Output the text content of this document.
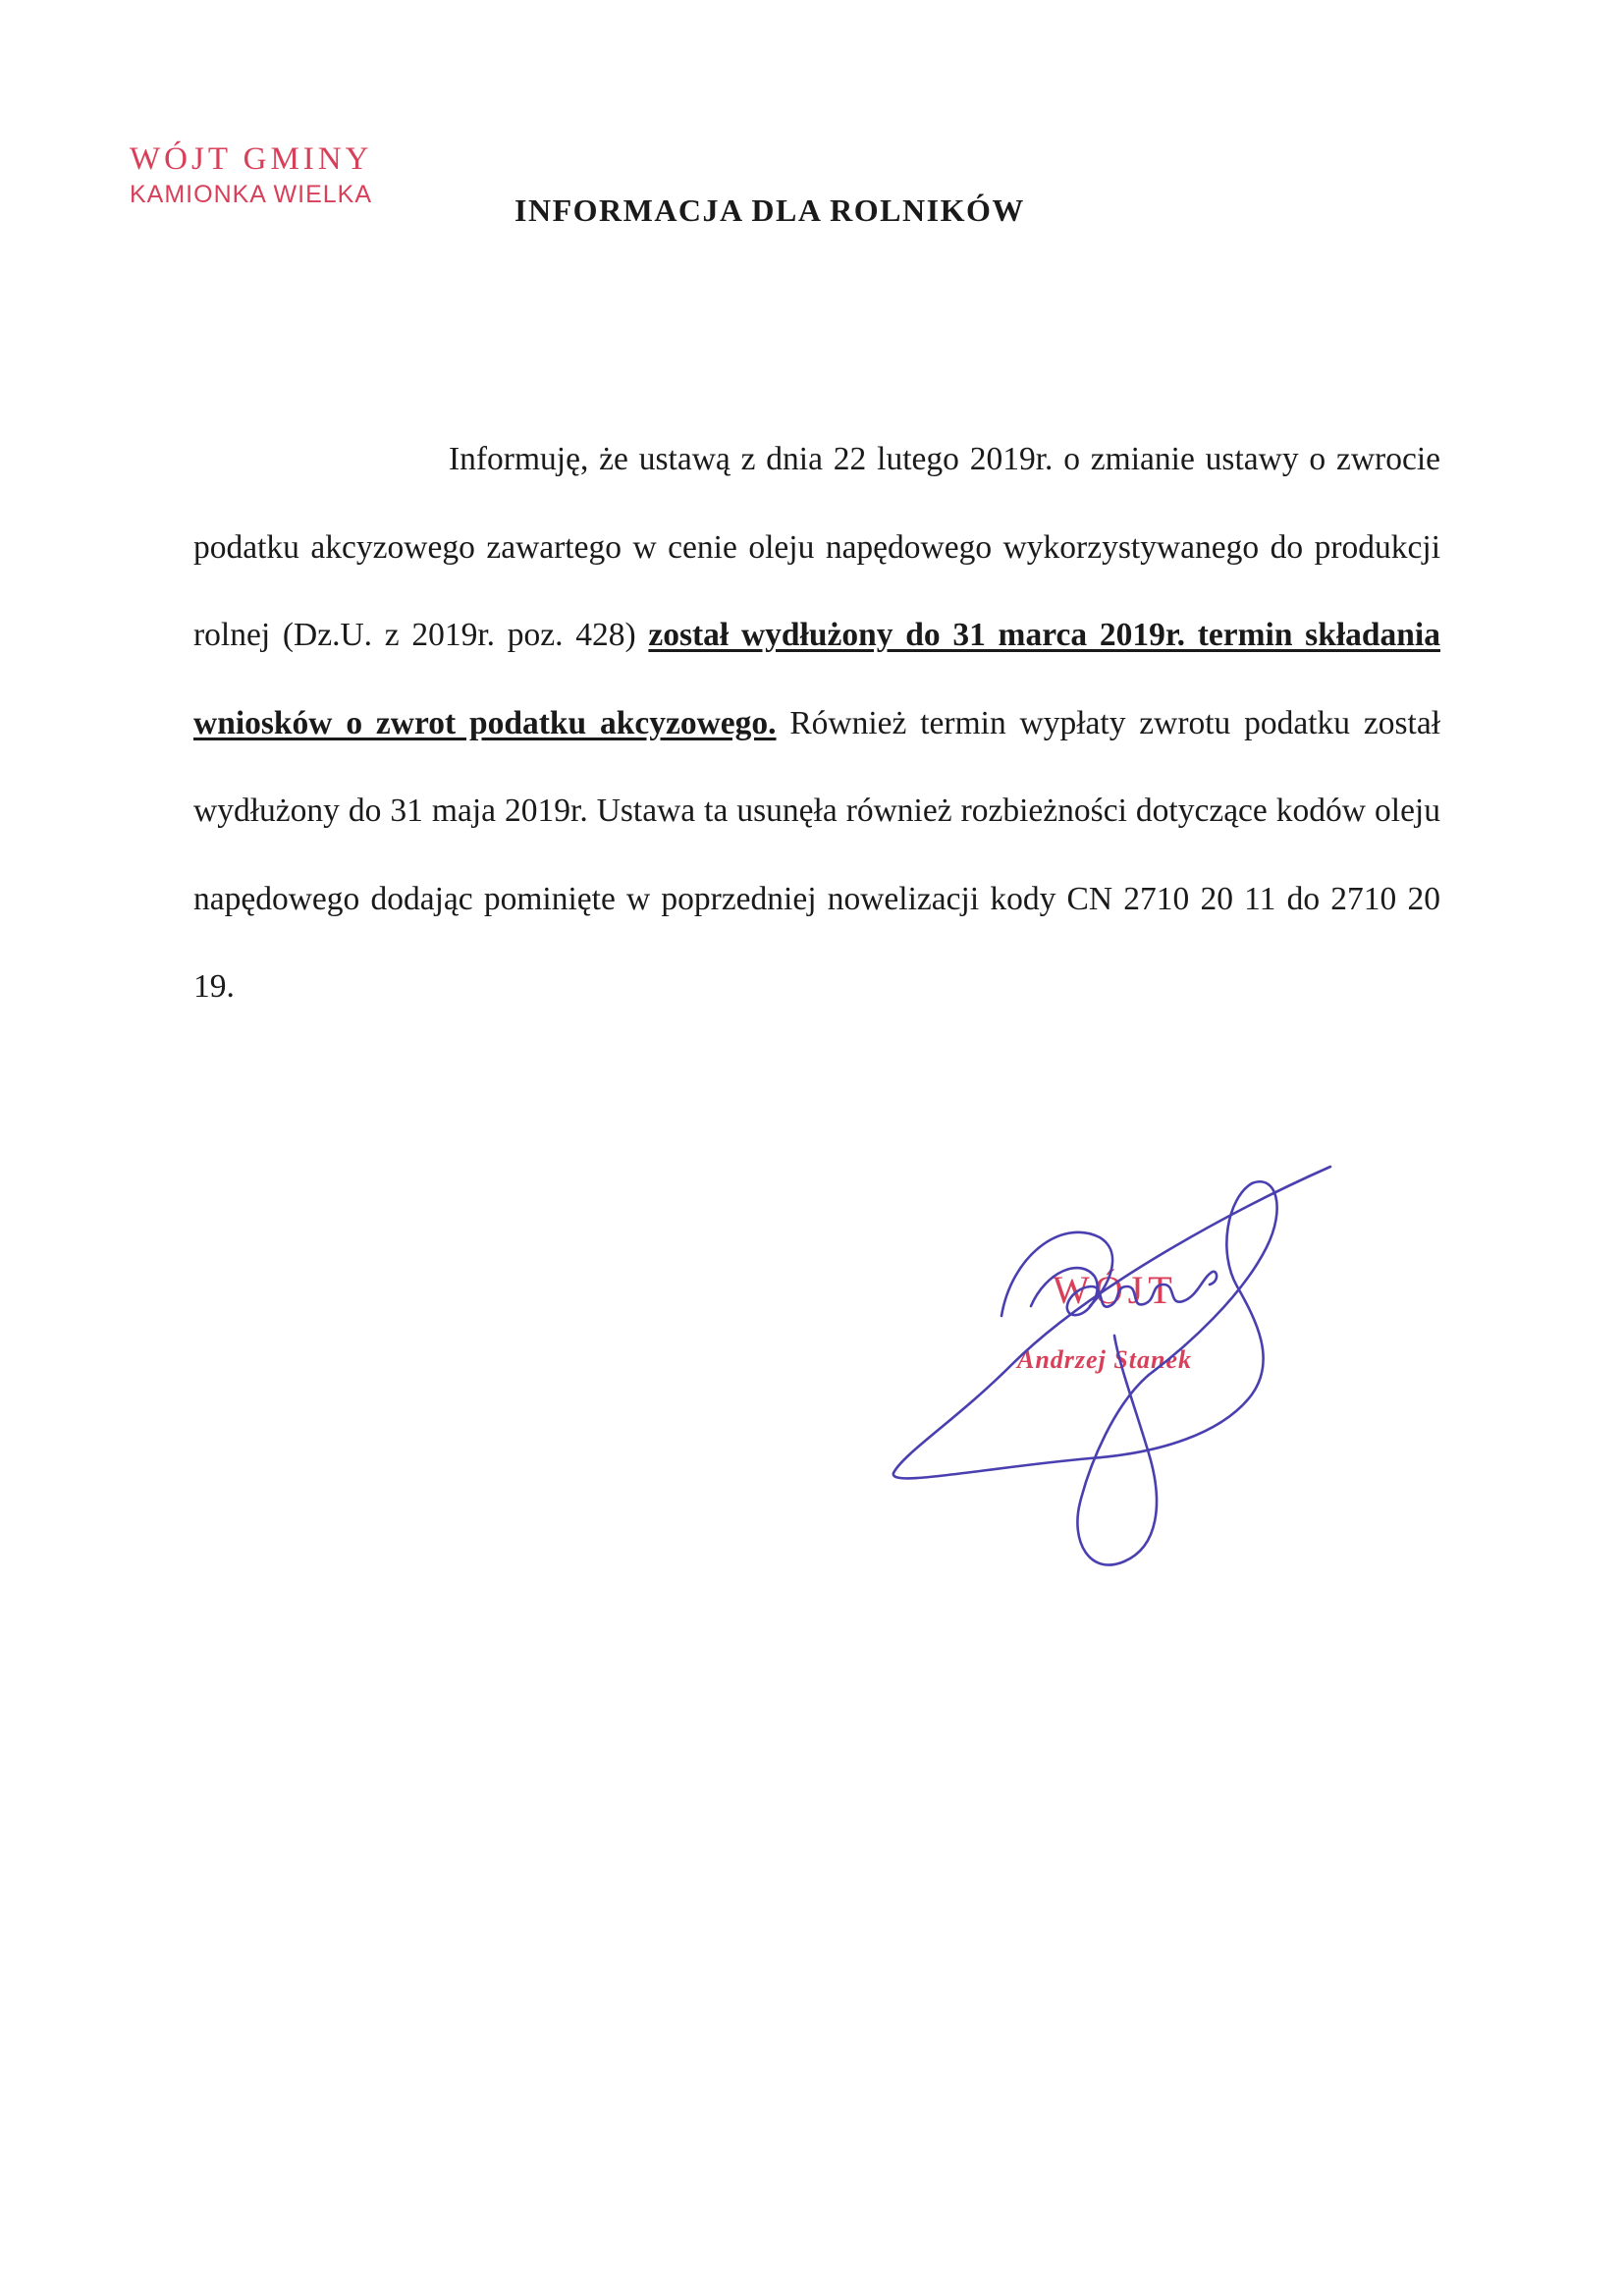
WÓJT GMINY
KAMIONKA WIELKA	INFORMACJA DLA ROLNIKÓW
Informuję, że ustawą z dnia 22 lutego 2019r. o zmianie ustawy o zwrocie podatku akcyzowego zawartego w cenie oleju napędowego wykorzystywanego do produkcji rolnej (Dz.U. z 2019r. poz. 428) został wydłużony do 31 marca 2019r. termin składania wniosków o zwrot podatku akcyzowego. Również termin wypłaty zwrotu podatku został wydłużony do 31 maja 2019r. Ustawa ta usunęła również rozbieżności dotyczące kodów oleju napędowego dodając pominięte w poprzedniej nowelizacji kody CN 2710 20 11 do 2710 20 19.
WÓJT
Andrzej Stanek
